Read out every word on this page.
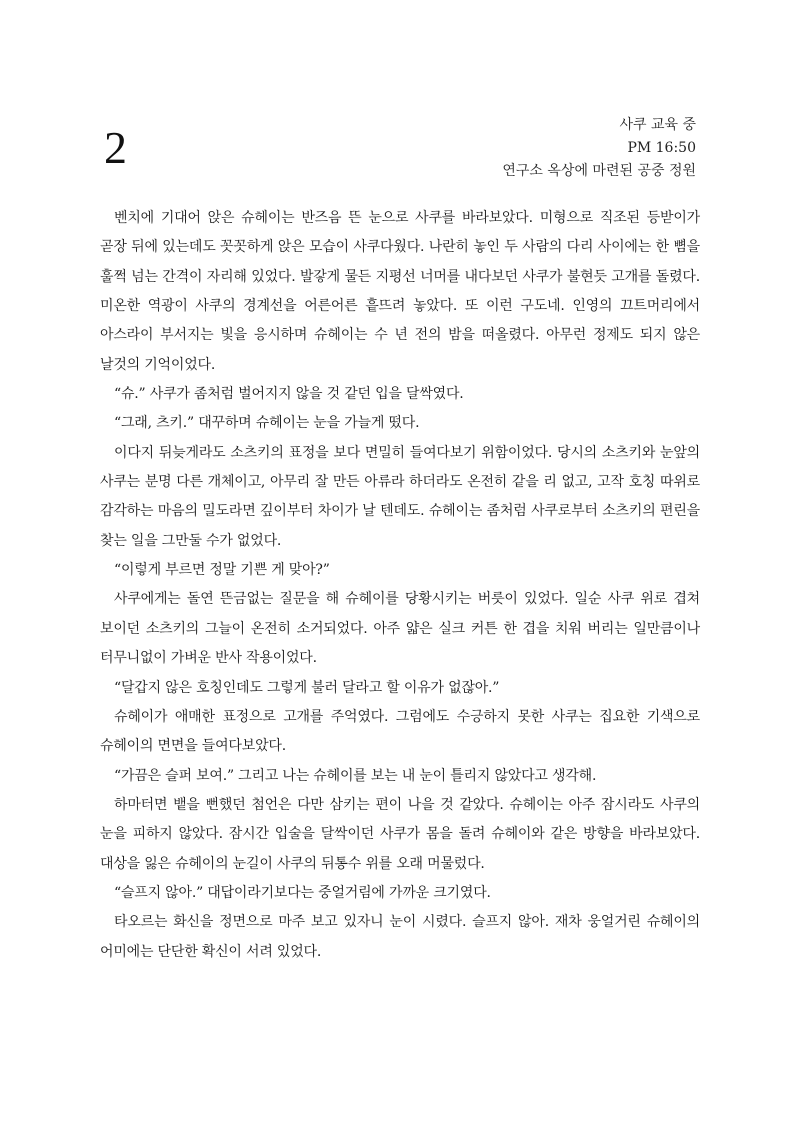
2	사쿠 교육 중
PM 16:50
연구소 옥상에 마련된 공중 정원

벤치에 기대어 앉은 슈헤이는 반즈음 뜬 눈으로 사쿠를 바라보았다. 미형으로 직조된 등받이가 곧장 뒤에 있는데도 꼿꼿하게 앉은 모습이 사쿠다웠다. 나란히 놓인 두 사람의 다리 사이에는 한 뼘을 훌쩍 넘는 간격이 자리해 있었다. 발갛게 물든 지평선 너머를 내다보던 사쿠가 불현듯 고개를 돌렸다. 미온한 역광이 사쿠의 경계선을 어른어른 흩뜨려 놓았다. 또 이런 구도네. 인영의 끄트머리에서 아스라이 부서지는 빛을 응시하며 슈헤이는 수 년 전의 밤을 떠올렸다. 아무런 정제도 되지 않은 날것의 기억이었다.

“슈.” 사쿠가 좀처럼 벌어지지 않을 것 같던 입을 달싹였다.

“그래, 츠키.” 대꾸하며 슈헤이는 눈을 가늘게 떴다.

이다지 뒤늦게라도 소츠키의 표정을 보다 면밀히 들여다보기 위함이었다. 당시의 소츠키와 눈앞의 사쿠는 분명 다른 개체이고, 아무리 잘 만든 아류라 하더라도 온전히 같을 리 없고, 고작 호칭 따위로 감각하는 마음의 밀도라면 깊이부터 차이가 날 텐데도. 슈헤이는 좀처럼 사쿠로부터 소츠키의 편린을 찾는 일을 그만둘 수가 없었다.

“이렇게 부르면 정말 기쁜 게 맞아?”

사쿠에게는 돌연 뜬금없는 질문을 해 슈헤이를 당황시키는 버릇이 있었다. 일순 사쿠 위로 겹쳐 보이던 소츠키의 그늘이 온전히 소거되었다. 아주 얇은 실크 커튼 한 겹을 치워 버리는 일만큼이나 터무니없이 가벼운 반사 작용이었다.

“달갑지 않은 호칭인데도 그렇게 불러 달라고 할 이유가 없잖아.”

슈헤이가 애매한 표정으로 고개를 주억였다. 그럼에도 수긍하지 못한 사쿠는 집요한 기색으로 슈헤이의 면면을 들여다보았다.

“가끔은 슬퍼 보여.” 그리고 나는 슈헤이를 보는 내 눈이 틀리지 않았다고 생각해.

하마터면 뱉을 뻔했던 첨언은 다만 삼키는 편이 나을 것 같았다. 슈헤이는 아주 잠시라도 사쿠의 눈을 피하지 않았다. 잠시간 입술을 달싹이던 사쿠가 몸을 돌려 슈헤이와 같은 방향을 바라보았다. 대상을 잃은 슈헤이의 눈길이 사쿠의 뒤통수 위를 오래 머물렀다.

“슬프지 않아.” 대답이라기보다는 중얼거림에 가까운 크기였다.

타오르는 화신을 정면으로 마주 보고 있자니 눈이 시렸다. 슬프지 않아. 재차 웅얼거린 슈헤이의 어미에는 단단한 확신이 서려 있었다.
